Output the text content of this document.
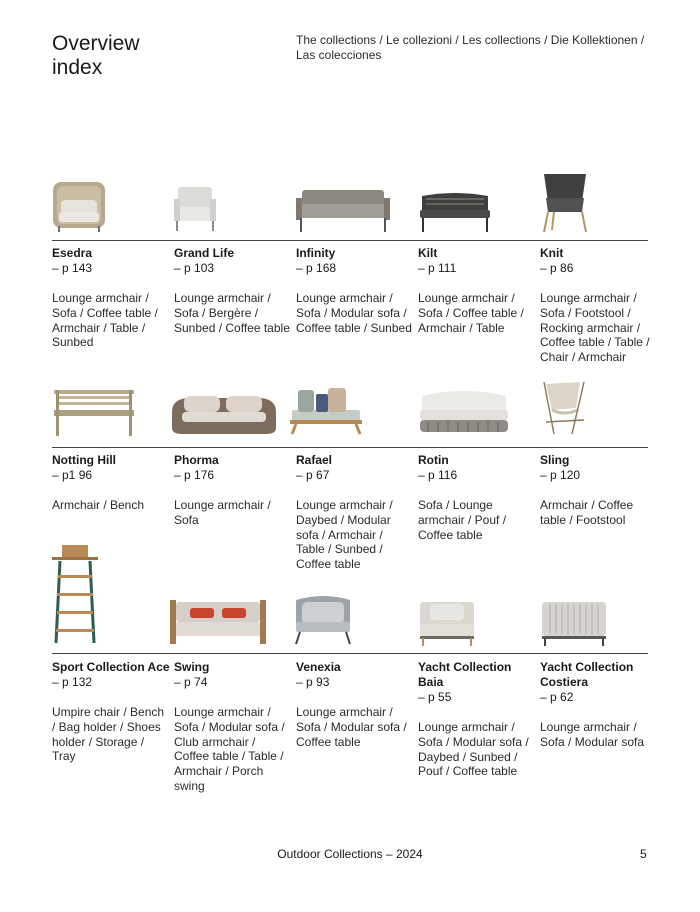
Overview
index
The collections / Le collezioni / Les collections / Die Kollektionen / Las colecciones
Esedra
– p 143
Lounge armchair / Sofa / Coffee table / Armchair / Table / Sunbed
Grand Life
– p 103
Lounge armchair / Sofa / Bergère / Sunbed / Coffee table
Infinity
– p 168
Lounge armchair / Sofa / Modular sofa / Coffee table / Sunbed
Kilt
– p 111
Lounge armchair / Sofa / Coffee table / Armchair / Table
Knit
– p 86
Lounge armchair / Sofa / Footstool / Rocking armchair / Coffee table / Table / Chair / Armchair
Notting Hill
– p1 96
Armchair / Bench
Phorma
– p 176
Lounge armchair / Sofa
Rafael
– p 67
Lounge armchair / Daybed / Modular sofa / Armchair / Table / Sunbed / Coffee table
Rotin
– p 116
Sofa / Lounge armchair / Pouf / Coffee table
Sling
– p 120
Armchair / Coffee table / Footstool
Sport Collection Ace
– p 132
Umpire chair / Bench / Bag holder / Shoes holder / Storage / Tray
Swing
– p 74
Lounge armchair / Sofa / Modular sofa / Club armchair / Coffee table / Table / Armchair / Porch swing
Venexia
– p 93
Lounge armchair / Sofa / Modular sofa / Coffee table
Yacht Collection Baia
– p 55
Lounge armchair / Sofa / Modular sofa / Daybed / Sunbed / Pouf / Coffee table
Yacht Collection Costiera
– p 62
Lounge armchair / Sofa / Modular sofa
Outdoor Collections – 2024	5
